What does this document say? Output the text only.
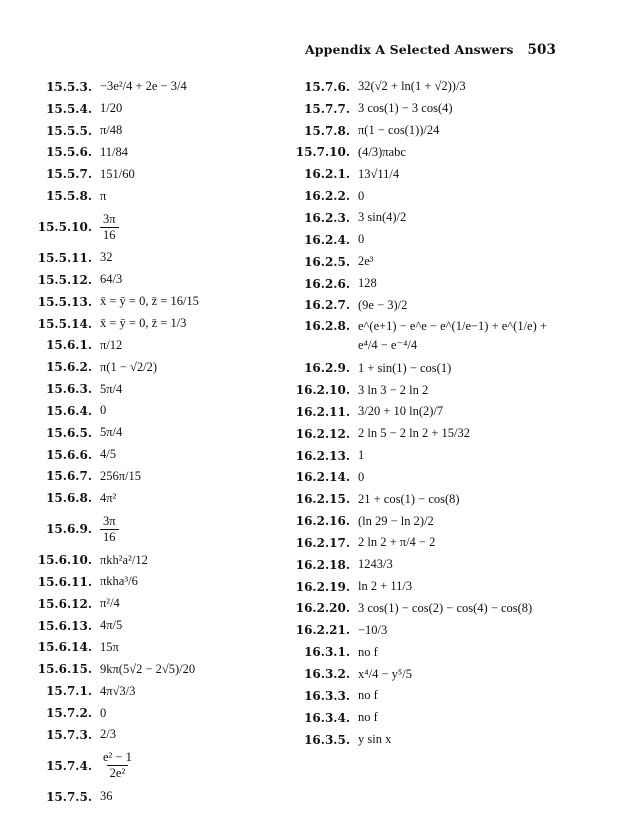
Appendix A Selected Answers 503
15.5.3. −3e²/4 + 2e − 3/4
15.5.4. 1/20
15.5.5. π/48
15.5.6. 11/84
15.5.7. 151/60
15.5.8. π
15.5.10. $\frac{3\pi}{16}$
15.5.11. 32
15.5.12. 64/3
15.5.13. x̄ = ȳ = 0, z̄ = 16/15
15.5.14. x̄ = ȳ = 0, z̄ = 1/3
15.6.1. π/12
15.6.2. π(1 − √2/2)
15.6.3. 5π/4
15.6.4. 0
15.6.5. 5π/4
15.6.6. 4/5
15.6.7. 256π/15
15.6.8. 4π²
15.6.9. $\frac{3\pi}{16}$
15.6.10. πkh²a²/12
15.6.11. πkha³/6
15.6.12. π²/4
15.6.13. 4π/5
15.6.14. 15π
15.6.15. 9kπ(5√2 − 2√5)/20
15.7.1. 4π√3/3
15.7.2. 0
15.7.3. 2/3
15.7.4. $\frac{\text{e² − 1}}{\text{2e²}}$
15.7.5. 36
15.7.6. 32(√2 + ln(1 + √2))/3
15.7.7. 3 cos(1) − 3 cos(4)
15.7.8. π(1 − cos(1))/24
15.7.10. (4/3)πabc
16.2.1. 13√11/4
16.2.2. 0
16.2.3. 3 sin(4)/2
16.2.4. 0
16.2.5. 2e³
16.2.6. 128
16.2.7. (9e − 3)/2
16.2.8. e^(e+1) − e^e − e^(1/e−1) + e^(1/e) + e⁴/4 − e⁻⁴/4
16.2.9. 1 + sin(1) − cos(1)
16.2.10. 3 ln 3 − 2 ln 2
16.2.11. 3/20 + 10 ln(2)/7
16.2.12. 2 ln 5 − 2 ln 2 + 15/32
16.2.13. 1
16.2.14. 0
16.2.15. 21 + cos(1) − cos(8)
16.2.16. (ln 29 − ln 2)/2
16.2.17. 2 ln 2 + π/4 − 2
16.2.18. 1243/3
16.2.19. ln 2 + 11/3
16.2.20. 3 cos(1) − cos(2) − cos(4) − cos(8)
16.2.21. −10/3
16.3.1. no f
16.3.2. x⁴/4 − y⁵/5
16.3.3. no f
16.3.4. no f
16.3.5. y sin x
